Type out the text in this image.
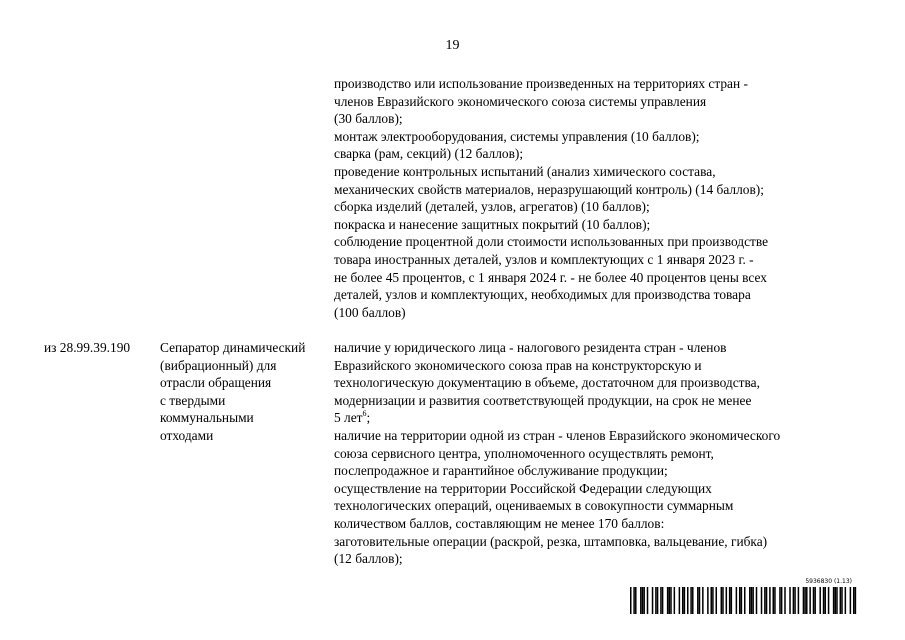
19
производство или использование произведенных на территориях стран -
членов Евразийского экономического союза системы управления
(30 баллов);
монтаж электрооборудования, системы управления (10 баллов);
сварка (рам, секций) (12 баллов);
проведение контрольных испытаний (анализ химического состава,
механических свойств материалов, неразрушающий контроль) (14 баллов);
сборка изделий (деталей, узлов, агрегатов) (10 баллов);
покраска и нанесение защитных покрытий (10 баллов);
соблюдение процентной доли стоимости использованных при производстве
товара иностранных деталей, узлов и комплектующих с 1 января 2023 г. -
не более 45 процентов, с 1 января 2024 г. - не более 40 процентов цены всех
деталей, узлов и комплектующих, необходимых для производства товара
(100 баллов)
из 28.99.39.190 Сепаратор динамический
(вибрационный) для
отрасли обращения
с твердыми
коммунальными
отходами
наличие у юридического лица - налогового резидента стран - членов
Евразийского экономического союза прав на конструкторскую и
технологическую документацию в объеме, достаточном для производства,
модернизации и развития соответствующей продукции, на срок не менее
5 лет$^6$;
наличие на территории одной из стран - членов Евразийского экономического
союза сервисного центра, уполномоченного осуществлять ремонт,
послепродажное и гарантийное обслуживание продукции;
осуществление на территории Российской Федерации следующих
технологических операций, оцениваемых в совокупности суммарным
количеством баллов, составляющим не менее 170 баллов:
заготовительные операции (раскрой, резка, штамповка, вальцевание, гибка)
(12 баллов);
5936830 (1.13)
